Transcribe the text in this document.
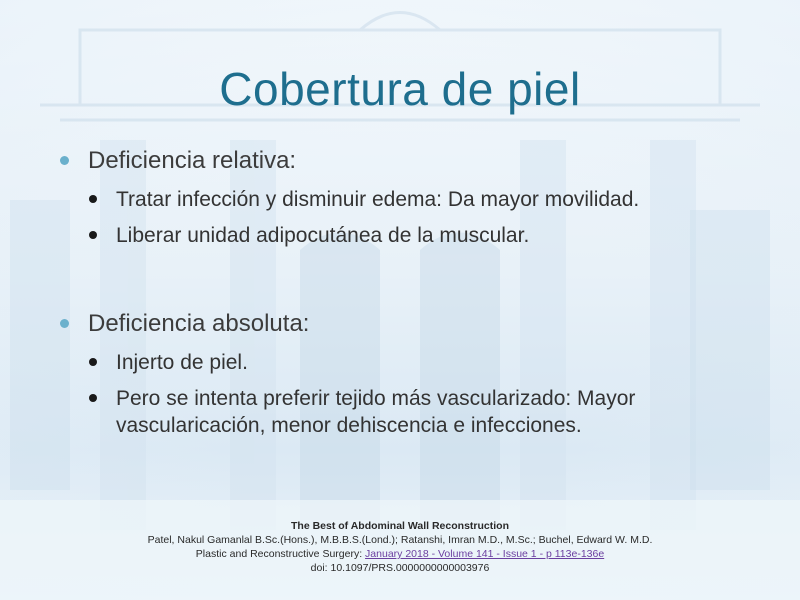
Cobertura de piel
Deficiencia relativa:
Tratar infección y disminuir edema: Da mayor movilidad.
Liberar unidad adipocutánea de la muscular.
Deficiencia absoluta:
Injerto de piel.
Pero se intenta preferir tejido más vascularizado: Mayor vascularicación, menor dehiscencia e infecciones.
The Best of Abdominal Wall Reconstruction
Patel, Nakul Gamanlal B.Sc.(Hons.), M.B.B.S.(Lond.); Ratanshi, Imran M.D., M.Sc.; Buchel, Edward W. M.D.
Plastic and Reconstructive Surgery: January 2018 - Volume 141 - Issue 1 - p 113e-136e
doi: 10.1097/PRS.0000000000003976
